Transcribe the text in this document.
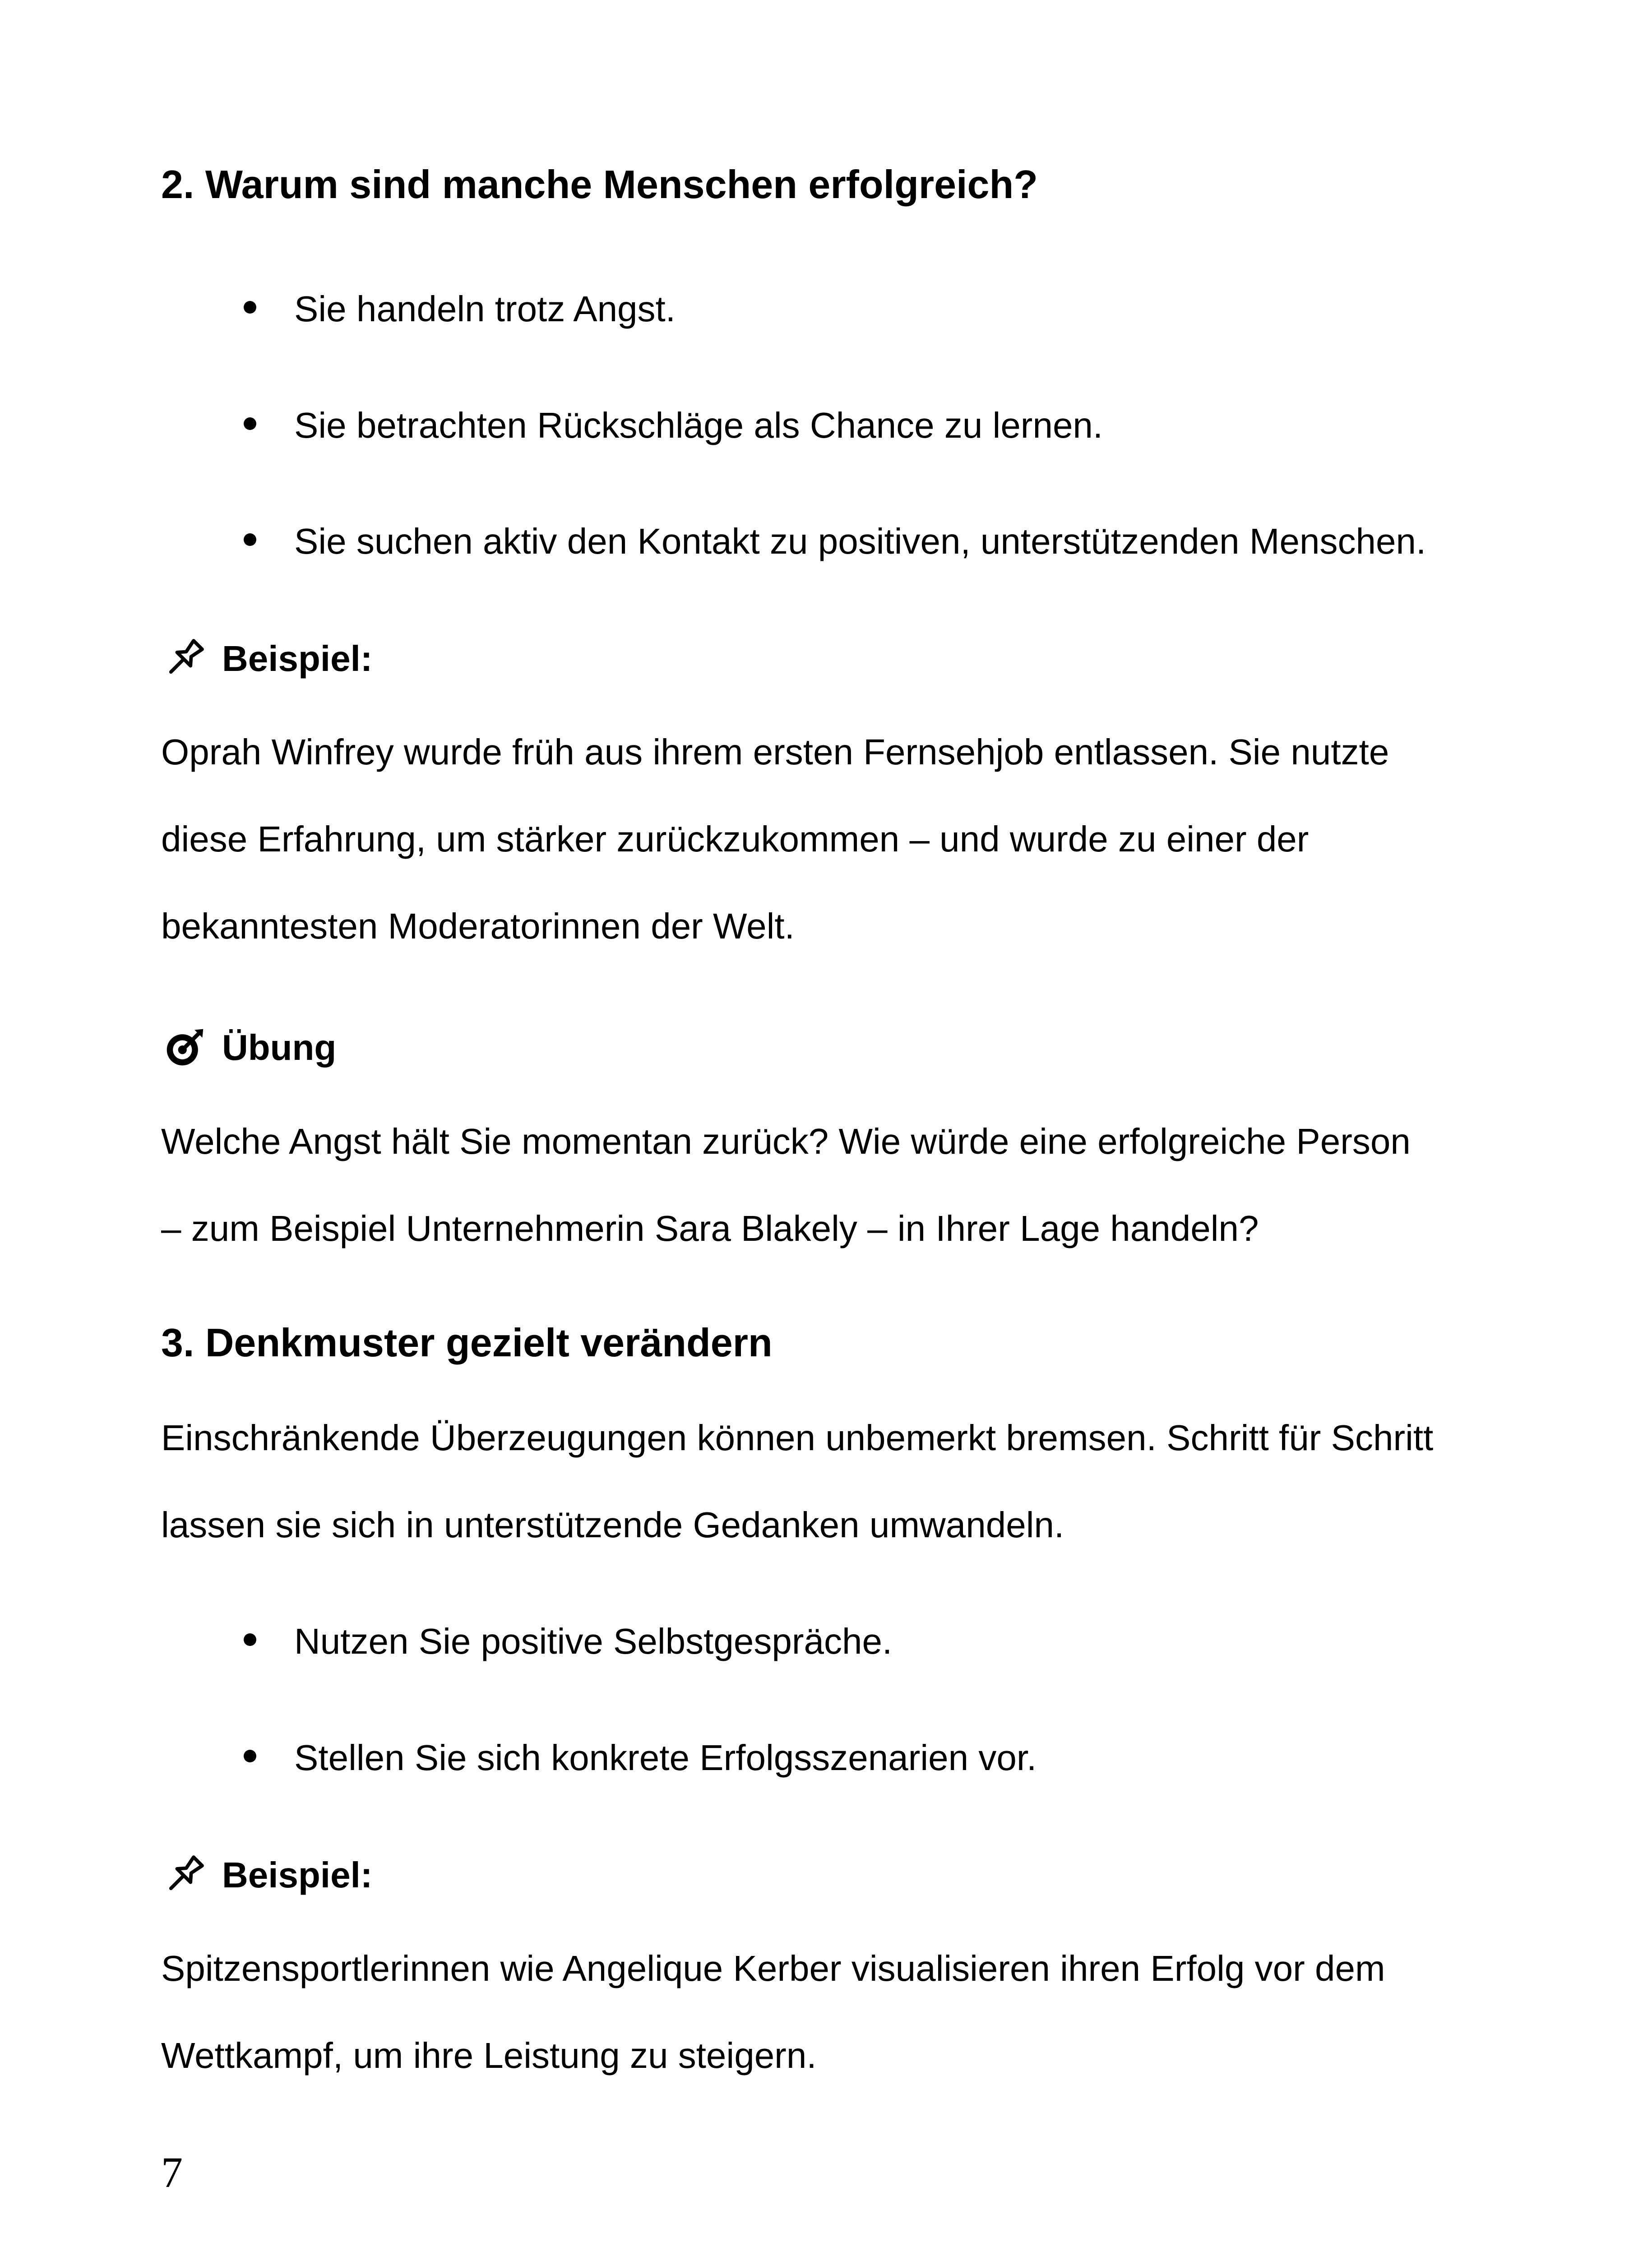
2. Warum sind manche Menschen erfolgreich?
Sie handeln trotz Angst.
Sie betrachten Rückschläge als Chance zu lernen.
Sie suchen aktiv den Kontakt zu positiven, unterstützenden Menschen.
Beispiel:
Oprah Winfrey wurde früh aus ihrem ersten Fernsehjob entlassen. Sie nutzte
diese Erfahrung, um stärker zurückzukommen – und wurde zu einer der
bekanntesten Moderatorinnen der Welt.
Übung
Welche Angst hält Sie momentan zurück? Wie würde eine erfolgreiche Person
– zum Beispiel Unternehmerin Sara Blakely – in Ihrer Lage handeln?
3. Denkmuster gezielt verändern
Einschränkende Überzeugungen können unbemerkt bremsen. Schritt für Schritt
lassen sie sich in unterstützende Gedanken umwandeln.
Nutzen Sie positive Selbstgespräche.
Stellen Sie sich konkrete Erfolgsszenarien vor.
Beispiel:
Spitzensportlerinnen wie Angelique Kerber visualisieren ihren Erfolg vor dem
Wettkampf, um ihre Leistung zu steigern.
7
